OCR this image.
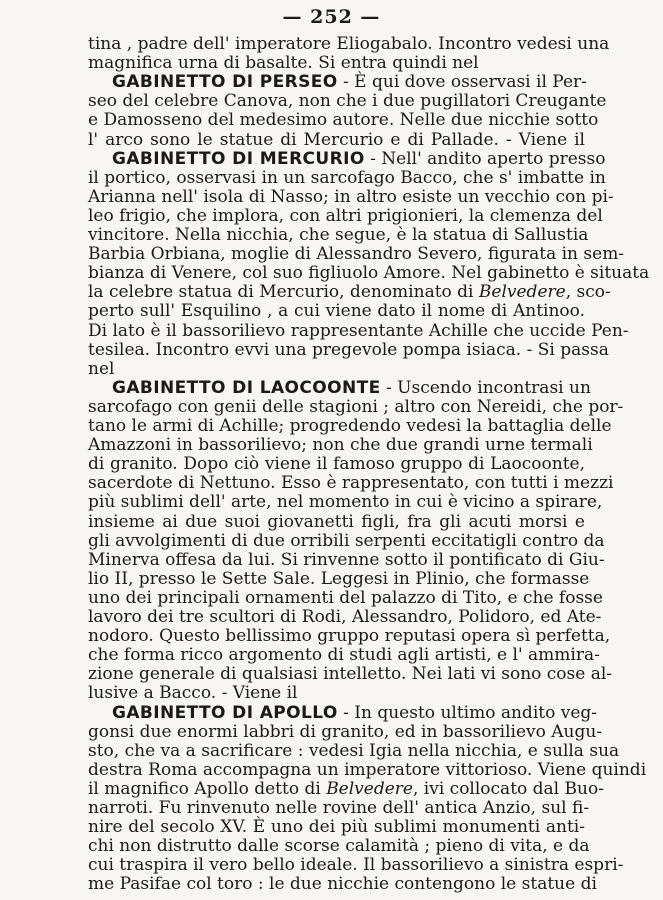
— 252 —
tina , padre dell' imperatore Eliogabalo. Incontro vedesi una
magnifica urna di basalte. Si entra quindi nel
GABINETTO DI PERSEO - È qui dove osservasi il Per-
seo del celebre Canova, non che i due pugillatori Creugante
e Damosseno del medesimo autore. Nelle due nicchie sotto
l' arco sono le statue di Mercurio e di Pallade. - Viene il
GABINETTO DI MERCURIO - Nell' andito aperto presso
il portico, osservasi in un sarcofago Bacco, che s' imbatte in
Arianna nell' isola di Nasso; in altro esiste un vecchio con pi-
leo frigio, che implora, con altri prigionieri, la clemenza del
vincitore. Nella nicchia, che segue, è la statua di Sallustia
Barbia Orbiana, moglie di Alessandro Severo, figurata in sem-
bianza di Venere, col suo figliuolo Amore. Nel gabinetto è situata
la celebre statua di Mercurio, denominato di Belvedere, sco-
perto sull' Esquilino , a cui viene dato il nome di Antinoo.
Di lato è il bassorilievo rappresentante Achille che uccide Pen-
tesilea. Incontro evvi una pregevole pompa isiaca. - Si passa
nel
GABINETTO DI LAOCOONTE - Uscendo incontrasi un
sarcofago con genii delle stagioni ; altro con Nereidi, che por-
tano le armi di Achille; progredendo vedesi la battaglia delle
Amazzoni in bassorilievo; non che due grandi urne termali
di granito. Dopo ciò viene il famoso gruppo di Laocoonte,
sacerdote di Nettuno. Esso è rappresentato, con tutti i mezzi
più sublimi dell' arte, nel momento in cui è vicino a spirare,
insieme ai due suoi giovanetti figli, fra gli acuti morsi e
gli avvolgimenti di due orribili serpenti eccitatigli contro da
Minerva offesa da lui. Si rinvenne sotto il pontificato di Giu-
lio II, presso le Sette Sale. Leggesi in Plinio, che formasse
uno dei principali ornamenti del palazzo di Tito, e che fosse
lavoro dei tre scultori di Rodi, Alessandro, Polidoro, ed Ate-
nodoro. Questo bellissimo gruppo reputasi opera sì perfetta,
che forma ricco argomento di studi agli artisti, e l' ammira-
zione generale di qualsiasi intelletto. Nei lati vi sono cose al-
lusive a Bacco. - Viene il
GABINETTO DI APOLLO - In questo ultimo andito veg-
gonsi due enormi labbri di granito, ed in bassorilievo Augu-
sto, che va a sacrificare : vedesi Igia nella nicchia, e sulla sua
destra Roma accompagna un imperatore vittorioso. Viene quindi
il magnifico Apollo detto di Belvedere, ivi collocato dal Buo-
narroti. Fu rinvenuto nelle rovine dell' antica Anzio, sul fi-
nire del secolo XV. È uno dei più sublimi monumenti anti-
chi non distrutto dalle scorse calamità ; pieno di vita, e da
cui traspira il vero bello ideale. Il bassorilievo a sinistra espri-
me Pasifae col toro : le due nicchie contengono le statue di
